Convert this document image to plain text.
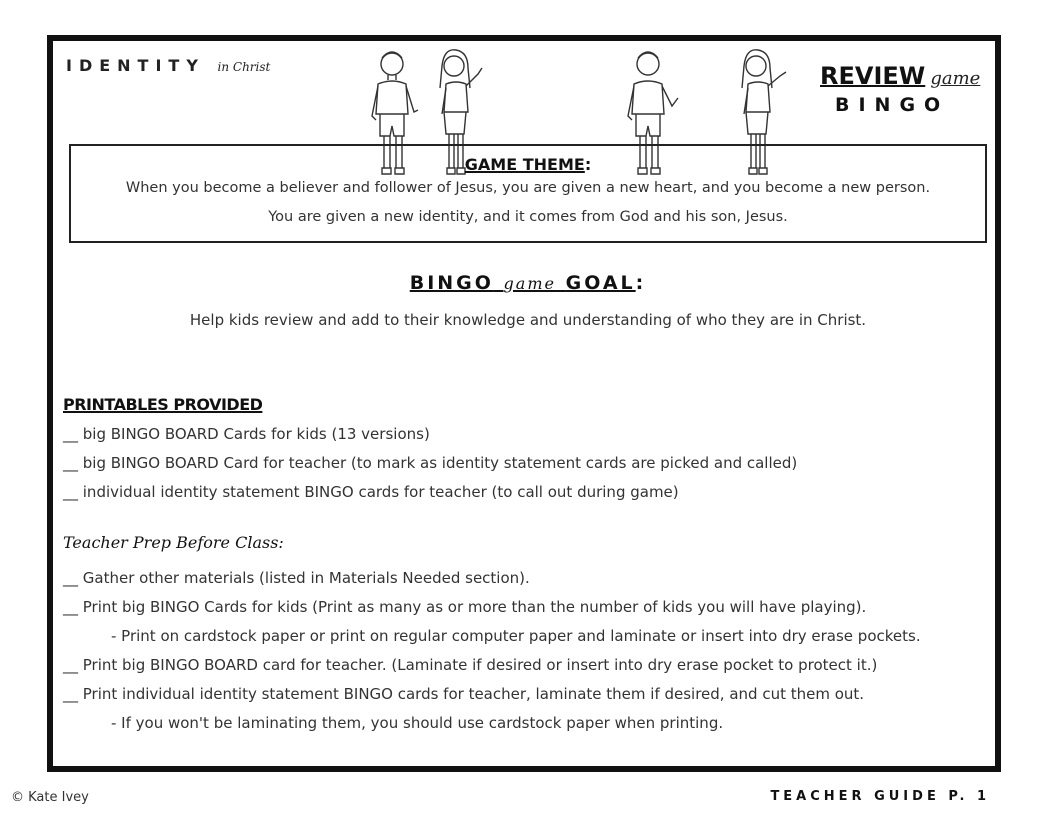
IDENTITY in Christ	REVIEW game
BINGO
GAME THEME:
When you become a believer and follower of Jesus, you are given a new heart, and you become a new person.
You are given a new identity, and it comes from God and his son, Jesus.
BINGO game GOAL:
Help kids review and add to their knowledge and understanding of who they are in Christ.
PRINTABLES PROVIDED
__ big BINGO BOARD Cards for kids (13 versions)
__ big BINGO BOARD Card for teacher (to mark as identity statement cards are picked and called)
__ individual identity statement BINGO cards for teacher (to call out during game)
Teacher Prep Before Class:
__ Gather other materials (listed in Materials Needed section).
__ Print big BINGO Cards for kids (Print as many as or more than the number of kids you will have playing).
- Print on cardstock paper or print on regular computer paper and laminate or insert into dry erase pockets.
__ Print big BINGO BOARD card for teacher. (Laminate if desired or insert into dry erase pocket to protect it.)
__ Print individual identity statement BINGO cards for teacher, laminate them if desired, and cut them out.
- If you won't be laminating them, you should use cardstock paper when printing.
© Kate Ivey	TEACHER GUIDE P. 1
